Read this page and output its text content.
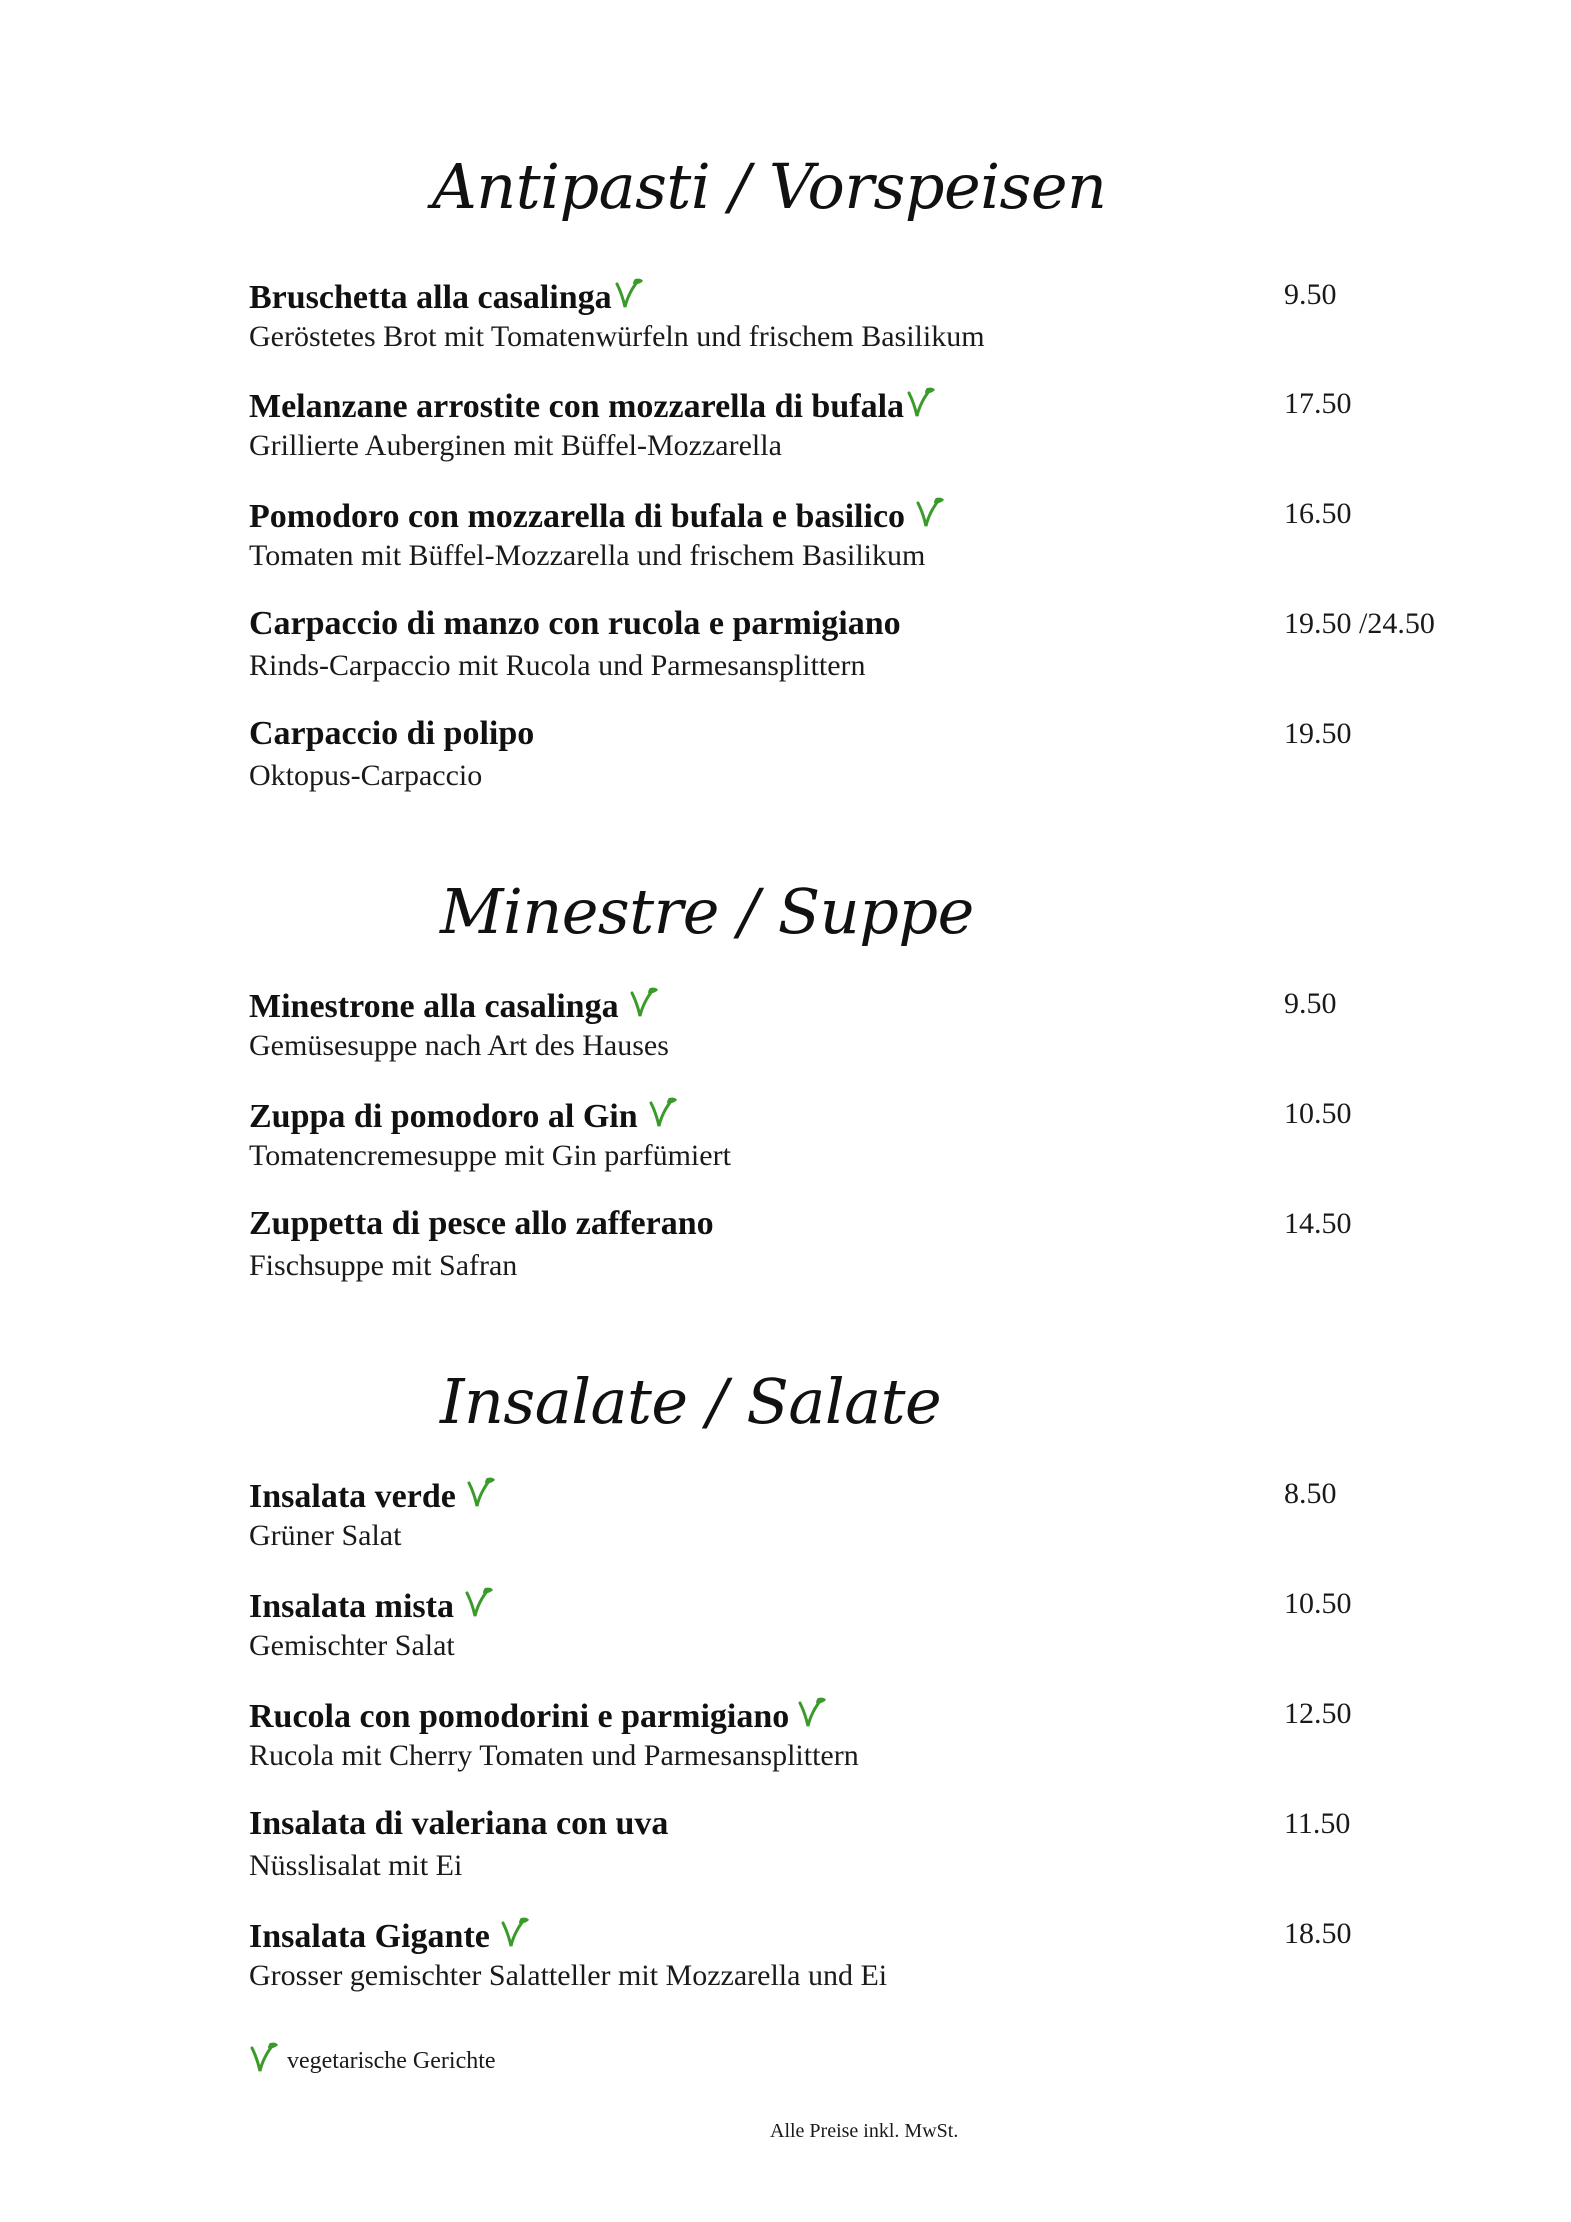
Antipasti / Vorspeisen
Bruschetta alla casalinga
Geröstetes Brot mit Tomatenwürfeln und frischem Basilikum
9.50
Melanzane arrostite con mozzarella di bufala
Grillierte Auberginen mit Büffel-Mozzarella
17.50
Pomodoro con mozzarella di bufala e basilico
Tomaten mit Büffel-Mozzarella und frischem Basilikum
16.50
Carpaccio di manzo con rucola e parmigiano
Rinds-Carpaccio mit Rucola und Parmesansplittern
19.50 /24.50
Carpaccio di polipo
Oktopus-Carpaccio
19.50
Minestre / Suppe
Minestrone alla casalinga
Gemüsesuppe nach Art des Hauses
9.50
Zuppa di pomodoro al Gin
Tomatencremesuppe mit Gin parfümiert
10.50
Zuppetta di pesce allo zafferano
Fischsuppe mit Safran
14.50
Insalate / Salate
Insalata verde
Grüner Salat
8.50
Insalata mista
Gemischter Salat
10.50
Rucola con pomodorini e parmigiano
Rucola mit Cherry Tomaten und Parmesansplittern
12.50
Insalata di valeriana con uva
Nüsslisalat mit Ei
11.50
Insalata Gigante
Grosser gemischter Salatteller mit Mozzarella und Ei
18.50
vegetarische Gerichte
Alle Preise inkl. MwSt.
